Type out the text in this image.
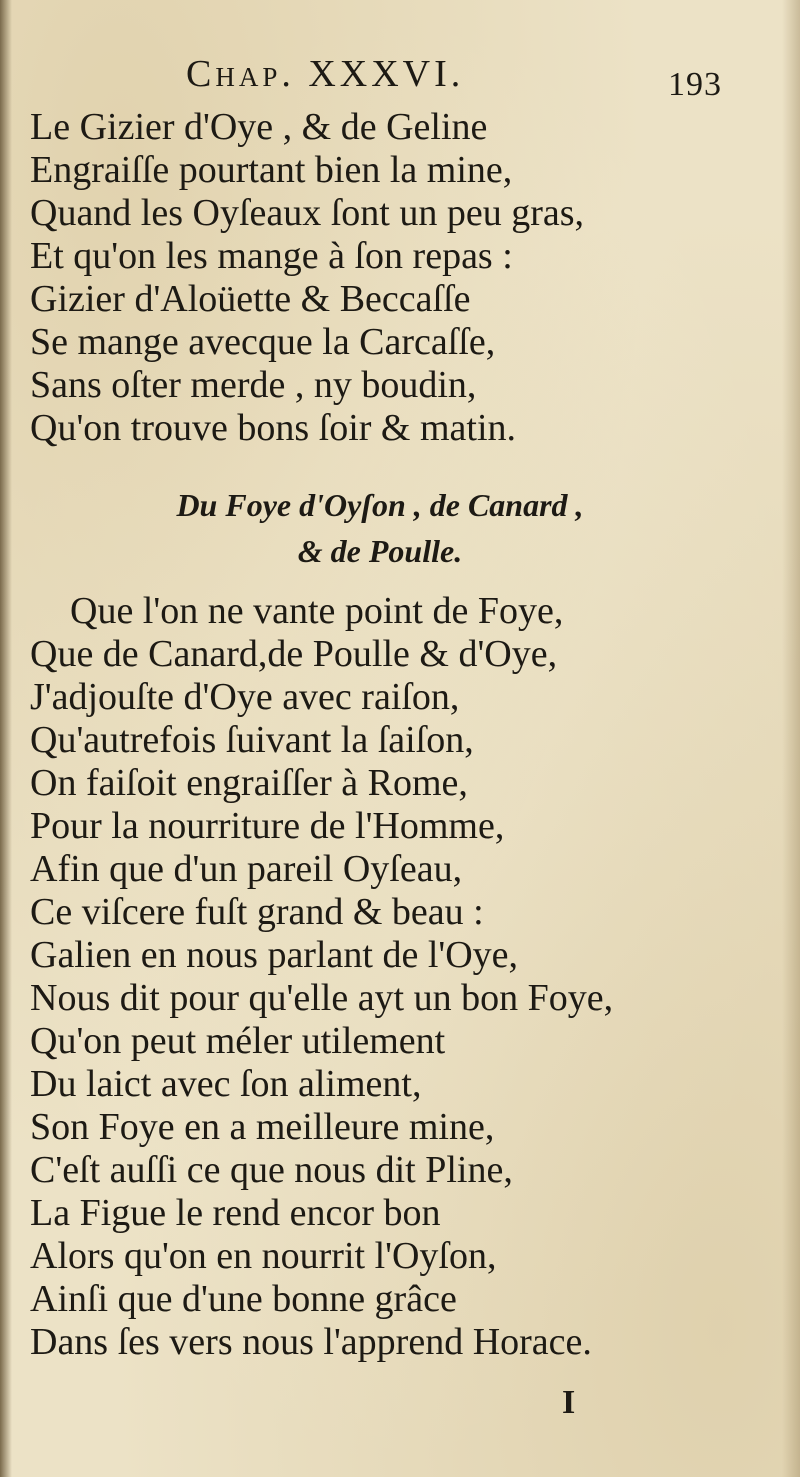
Chap. XXXVI.	193
Le Gizier d'Oye , & de Geline
Engraiſſe pourtant bien la mine,
Quand les Oyſeaux ſont un peu gras,
Et qu'on les mange à ſon repas :
Gizier d'Aloüette & Beccaſſe
Se mange avecque la Carcaſſe,
Sans oſter merde , ny boudin,
Qu'on trouve bons ſoir & matin.
Du Foye d'Oyſon , de Canard ,
& de Poulle.
Que l'on ne vante point de Foye,
Que de Canard,de Poulle & d'Oye,
J'adjouſte d'Oye avec raiſon,
Qu'autrefois ſuivant la ſaiſon,
On faiſoit engraiſſer à Rome,
Pour la nourriture de l'Homme,
Afin que d'un pareil Oyſeau,
Ce viſcere fuſt grand & beau :
Galien en nous parlant de l'Oye,
Nous dit pour qu'elle ayt un bon Foye,
Qu'on peut méler utilement
Du laict avec ſon aliment,
Son Foye en a meilleure mine,
C'eſt auſſi ce que nous dit Pline,
La Figue le rend encor bon
Alors qu'on en nourrit l'Oyſon,
Ainſi que d'une bonne grâce
Dans ſes vers nous l'apprend Horace.
I
